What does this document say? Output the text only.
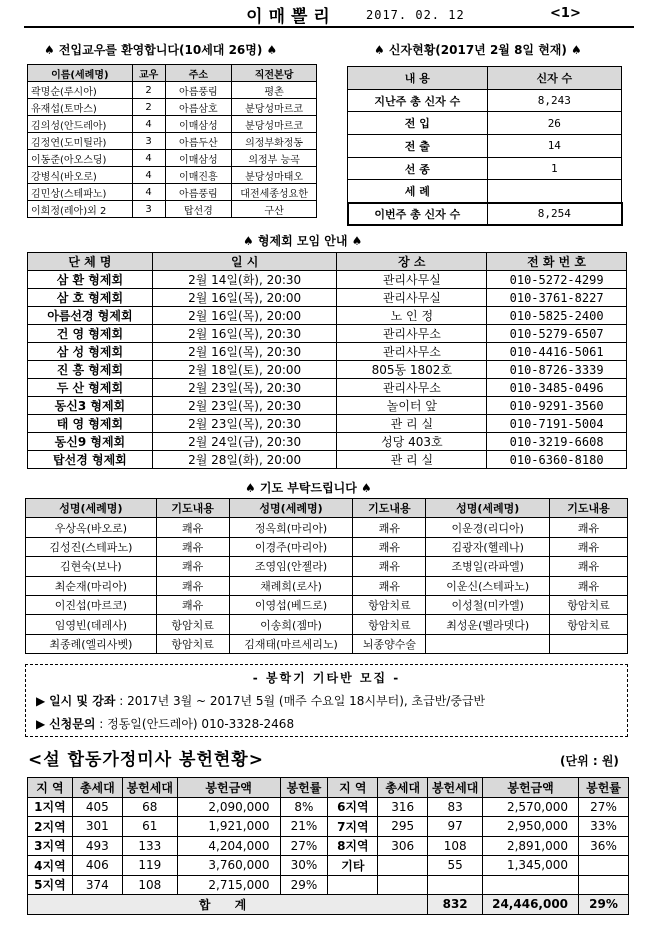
이매뽈리	2017. 02. 12	<1>
♠ 전입교우를 환영합니다(10세대 26명) ♠
이름(세례명)	교우	주소	직전본당
곽명순(루시아)	2	아름풍림	평촌
유재섭(토마스)	2	아름삼호	분당성마르코
김의성(안드레아)	4	이매삼성	분당성마르코
김정연(도미틸라)	3	아름두산	의정부화정동
이동준(아오스딩)	4	이매삼성	의정부 능곡
강병식(바오로)	4	이매진흥	분당성마태오
김민상(스테파노)	4	아름풍림	대전세종성요한
이희정(레아)외 2	3	탑선경	구산
♠ 신자현황(2017년 2월 8일 현재) ♠
내 용	신자 수
지난주 총 신자 수	8,243
전 입	26
전 출	14
선 종	1
세 례	
이번주 총 신자 수	8,254
♠ 형제회 모임 안내 ♠
단 체 명	일 시	장 소	전 화 번 호
삼 환 형제회	2월 14일(화), 20:30	관리사무실	010-5272-4299
삼 호 형제회	2월 16일(목), 20:00	관리사무실	010-3761-8227
아름선경 형제회	2월 16일(목), 20:00	노 인 정	010-5825-2400
건 영 형제회	2월 16일(목), 20:30	관리사무소	010-5279-6507
삼 성 형제회	2월 16일(목), 20:30	관리사무소	010-4416-5061
진 흥 형제회	2월 18일(토), 20:00	805동 1802호	010-8726-3339
두 산 형제회	2월 23일(목), 20:30	관리사무소	010-3485-0496
동신3 형제회	2월 23일(목), 20:30	놀이터 앞	010-9291-3560
태 영 형제회	2월 23일(목), 20:30	관 리 실	010-7191-5004
동신9 형제회	2월 24일(금), 20:30	성당 403호	010-3219-6608
탑선경 형제회	2월 28일(화), 20:00	관 리 실	010-6360-8180
♠ 기도 부탁드립니다 ♠
성명(세례명)	기도내용	성명(세례명)	기도내용	성명(세례명)	기도내용
우상옥(바오로)	쾌유	정옥희(마리아)	쾌유	이운경(리디아)	쾌유
김성진(스테파노)	쾌유	이경주(마리아)	쾌유	김광자(헬레나)	쾌유
김현숙(보나)	쾌유	조영임(안젤라)	쾌유	조병일(라파엘)	쾌유
최순재(마리아)	쾌유	채례희(로사)	쾌유	이운신(스테파노)	쾌유
이진섭(마르코)	쾌유	이영섭(베드로)	항암치료	이성철(미카엘)	항암치료
임영빈(데레사)	항암치료	이송희(젬마)	항암치료	최성운(벨라뎃다)	항암치료
최종례(엘리사벳)	항암치료	김재태(마르세리노)	뇌종양수술		
- 봉학기 기타반 모집 -
▶ 일시 및 강좌 : 2017년 3월 ~ 2017년 5월 (매주 수요일 18시부터), 초급반/중급반
▶ 신청문의 : 정동일(안드레아) 010-3328-2468
<설 합동가정미사 봉헌현황>	(단위 : 원)
지 역	총세대	봉헌세대	봉헌금액	봉헌률	지 역	총세대	봉헌세대	봉헌금액	봉헌률
1지역	405	68	2,090,000	8%	6지역	316	83	2,570,000	27%
2지역	301	61	1,921,000	21%	7지역	295	97	2,950,000	33%
3지역	493	133	4,204,000	27%	8지역	306	108	2,891,000	36%
4지역	406	119	3,760,000	30%	기타		55	1,345,000	
5지역	374	108	2,715,000	29%					
합 계							832	24,446,000	29%
